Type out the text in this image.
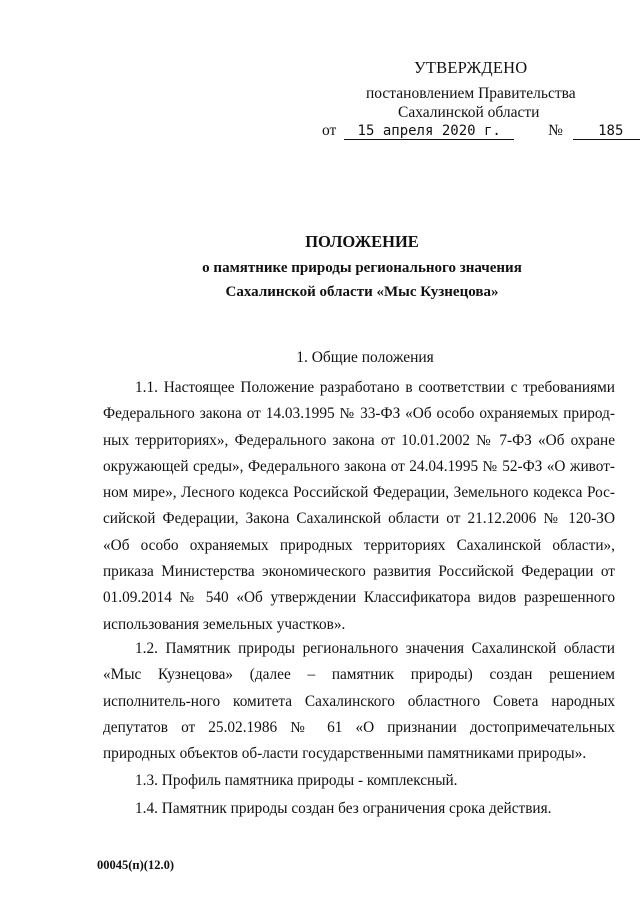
УТВЕРЖДЕНО
постановлением Правительства
Сахалинской области
от 15 апреля 2020 г.	№	185
ПОЛОЖЕНИЕ
о памятнике природы регионального значения
Сахалинской области «Мыс Кузнецова»
1. Общие положения

1.1. Настоящее Положение разработано в соответствии с требованиями Федерального закона от 14.03.1995 № 33-ФЗ «Об особо охраняемых природ-ных территориях», Федерального закона от 10.01.2002 № 7-ФЗ «Об охране окружающей среды», Федерального закона от 24.04.1995 № 52-ФЗ «О живот-ном мире», Лесного кодекса Российской Федерации, Земельного кодекса Рос-сийской Федерации, Закона Сахалинской области от 21.12.2006 № 120-ЗО «Об особо охраняемых природных территориях Сахалинской области», приказа Министерства экономического развития Российской Федерации от 01.09.2014 № 540 «Об утверждении Классификатора видов разрешенного использования земельных участков».

1.2. Памятник природы регионального значения Сахалинской области «Мыс Кузнецова» (далее – памятник природы) создан решением исполнитель-ного комитета Сахалинского областного Совета народных депутатов от 25.02.1986 № 61 «О признании достопримечательных природных объектов об-ласти государственными памятниками природы».

1.3. Профиль памятника природы - комплексный.

1.4. Памятник природы создан без ограничения срока действия.

00045(п)(12.0)
